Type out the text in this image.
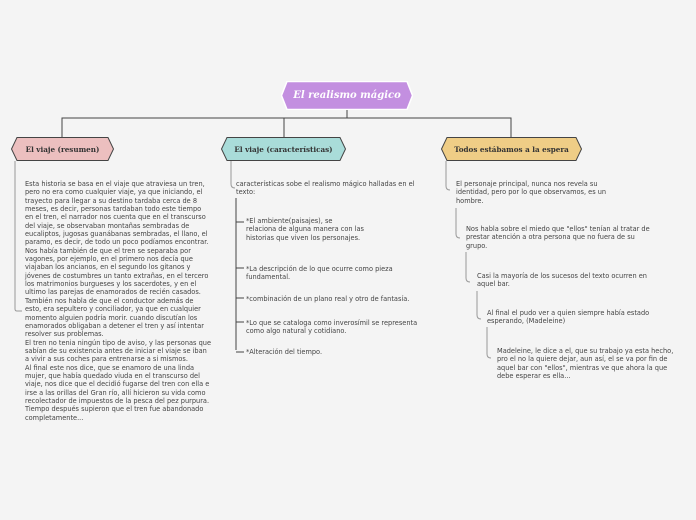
El realismo mágico
El viaje (resumen)	El viaje (características)	Todos estábamos a la espera

Esta historia se basa en el viaje que atraviesa un tren, pero no era como cualquier viaje, ya que iniciando, el trayecto para llegar a su destino tardaba cerca de 8 meses, es decir, personas tardaban todo este tiempo en el tren, el narrador nos cuenta que en el transcurso del viaje, se observaban montañas sembradas de eucaliptos, jugosas guanábanas sembradas, el llano, el paramo, es decir, de todo un poco podíamos encontrar.                    Nos había también de que el tren se separaba por vagones, por ejemplo, en el primero nos decía que viajaban los ancianos, en el segundo los gitanos y jóvenes de costumbres un tanto extrañas, en el tercero los matrimonios burgueses y los sacerdotes, y en el ultimo las parejas de enamorados de recién casados. También nos habla de que el conductor además de esto, era sepultero y conciliador, ya que en cualquier momento alguien podría morir. cuando discutían los enamorados obligaban a detener el tren y así intentar resolver sus problemas.
El tren no tenia ningún tipo de aviso, y las personas que sabían de su existencia antes de iniciar el viaje se iban a vivir a sus coches para entrenarse a si mismos.
Al final este nos dice, que se enamoro de una linda mujer, que había quedado viuda en el transcurso del viaje, nos dice que el decidió fugarse del tren con ella e irse a las orillas del Gran río, allí hicieron su vida como recolectador de impuestos de la pesca del pez purpura. Tiempo después supieron que el tren fue abandonado completamente...

características sobe el realismo mágico halladas en el texto:

*El ambiente(paisajes), se relaciona de alguna manera con las historias que viven los personajes.

*La descripción de lo que ocurre como pieza fundamental.

*combinación de un plano real y otro de fantasía.

*Lo que se cataloga como inverosímil se representa como algo natural y cotidiano.

*Alteración del tiempo.

El personaje principal, nunca nos revela su identidad, pero por lo que observamos, es un hombre.

Nos habla sobre el miedo que "ellos" tenían al tratar de prestar atención a otra persona que no fuera de su grupo.

Casi la mayoría de los sucesos del texto ocurren en aquel bar.

Al final el pudo ver a quien siempre había estado esperando, (Madeleine)

Madeleine, le dice a el, que su trabajo ya esta hecho, pro el no la quiere dejar, aun así, el se va por fin de aquel bar con "ellos", mientras ve que ahora la que debe esperar es ella...
